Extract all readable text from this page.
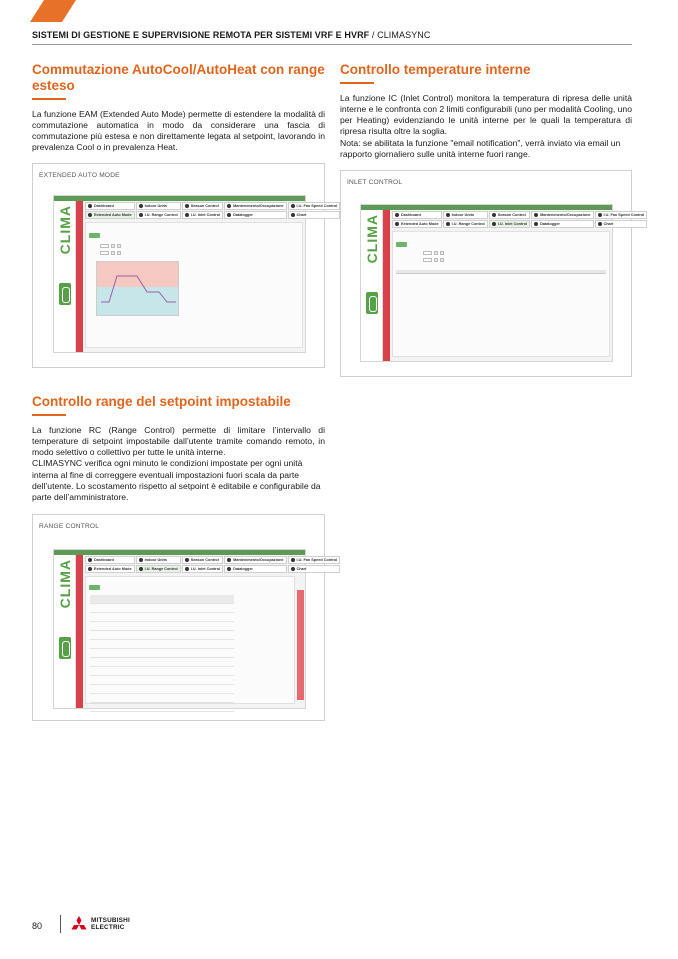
SISTEMI DI GESTIONE E SUPERVISIONE REMOTA PER SISTEMI VRF E HVRF / CLIMASYNC
Commutazione AutoCool/AutoHeat con range esteso
La funzione EAM (Extended Auto Mode) permette di estendere la modalità di commutazione automatica in modo da considerare una fascia di commutazione più estesa e non direttamente legata al setpoint, lavorando in prevalenza Cool o in prevalenza Heat.
EXTENDED AUTO MODE
CLIMA	Dashboard	Indoor Units	Season Control	Mantenimento/Occupazione	I.U. Fan Speed Control
Extended Auto Mode	I.U. Range Control	I.U. Inlet Control	Datalogger	Chart
Controllo temperature interne
La funzione IC (Inlet Control) monitora la temperatura di ripresa delle unità interne e le confronta con 2 limiti configurabili (uno per modalità Cooling, uno per Heating) evidenziando le unità interne per le quali la temperatura di ripresa risulta oltre la soglia.
Nota: se abilitata la funzione "email notification", verrà inviato via email un rapporto giornaliero sulle unità interne fuori range.
INLET CONTROL
CLIMA	Dashboard	Indoor Units	Season Control	Mantenimento/Occupazione	I.U. Fan Speed Control
Extended Auto Mode	I.U. Range Control	I.U. Inlet Control	Datalogger	Chart
Controllo range del setpoint impostabile
La funzione RC (Range Control) permette di limitare l’intervallo di temperature di setpoint impostabile dall’utente tramite comando remoto, in modo selettivo o collettivo per tutte le unità interne.
CLIMASYNC verifica ogni minuto le condizioni impostate per ogni unità interna al fine di correggere eventuali impostazioni fuori scala da parte dell’utente. Lo scostamento rispetto al setpoint è editabile e configurabile da parte dell’amministratore.
RANGE CONTROL
CLIMA	Dashboard	Indoor Units	Season Control	Mantenimento/Occupazione	I.U. Fan Speed Control
Extended Auto Mode	I.U. Range Control	I.U. Inlet Control	Datalogger	Chart
80
MITSUBISHI
ELECTRIC
